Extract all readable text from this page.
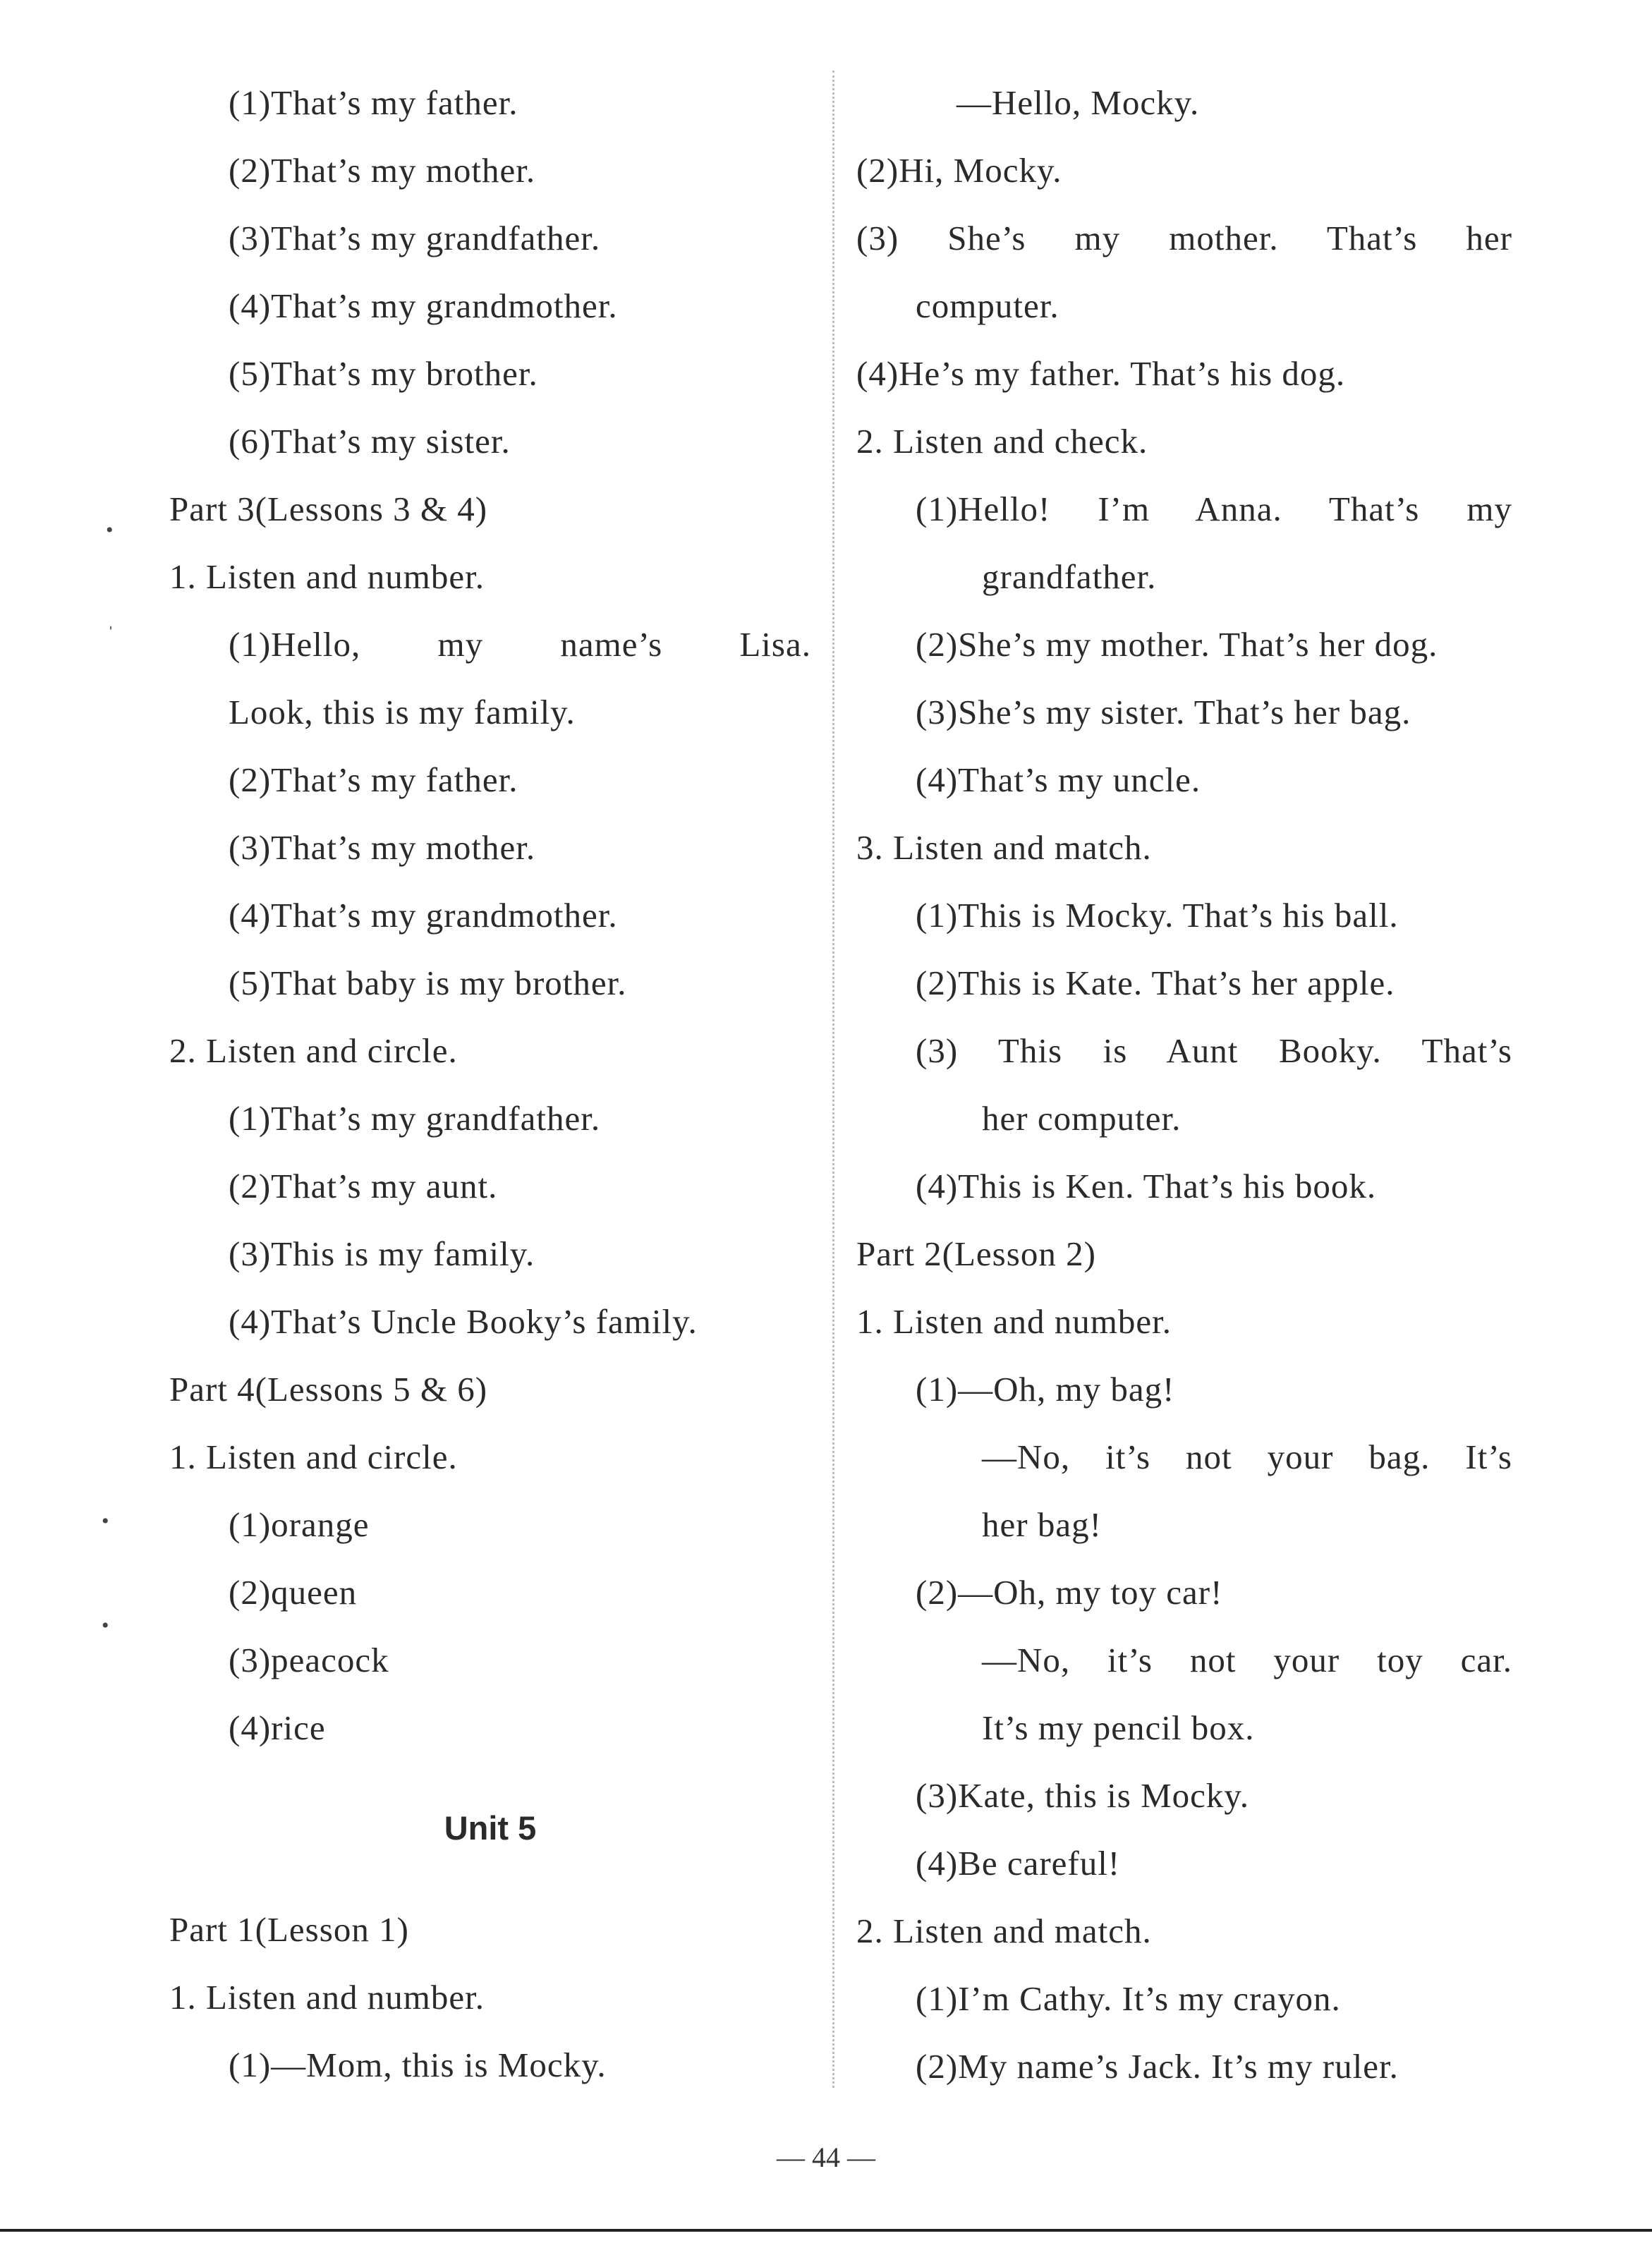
(1)That’s my father.
(2)That’s my mother.
(3)That’s my grandfather.
(4)That’s my grandmother.
(5)That’s my brother.
(6)That’s my sister.
Part 3(Lessons 3 & 4)
1. Listen and number.
(1)Hello, my name’s Lisa.
Look, this is my family.
(2)That’s my father.
(3)That’s my mother.
(4)That’s my grandmother.
(5)That baby is my brother.
2. Listen and circle.
(1)That’s my grandfather.
(2)That’s my aunt.
(3)This is my family.
(4)That’s Uncle Booky’s family.
Part 4(Lessons 5 & 6)
1. Listen and circle.
(1)orange
(2)queen
(3)peacock
(4)rice
Unit 5
Part 1(Lesson 1)
1. Listen and number.
(1)—Mom, this is Mocky.
—Hello, Mocky.
(2)Hi, Mocky.
(3) She’s my mother. That’s her
computer.
(4)He’s my father. That’s his dog.
2. Listen and check.
(1)Hello! I’m Anna. That’s my
grandfather.
(2)She’s my mother. That’s her dog.
(3)She’s my sister. That’s her bag.
(4)That’s my uncle.
3. Listen and match.
(1)This is Mocky. That’s his ball.
(2)This is Kate. That’s her apple.
(3) This is Aunt Booky. That’s
her computer.
(4)This is Ken. That’s his book.
Part 2(Lesson 2)
1. Listen and number.
(1)—Oh, my bag!
—No, it’s not your bag. It’s
her bag!
(2)—Oh, my toy car!
—No, it’s not your toy car.
It’s my pencil box.
(3)Kate, this is Mocky.
(4)Be careful!
2. Listen and match.
(1)I’m Cathy. It’s my crayon.
(2)My name’s Jack. It’s my ruler.
— 44 —
•
ˌ
•
•
